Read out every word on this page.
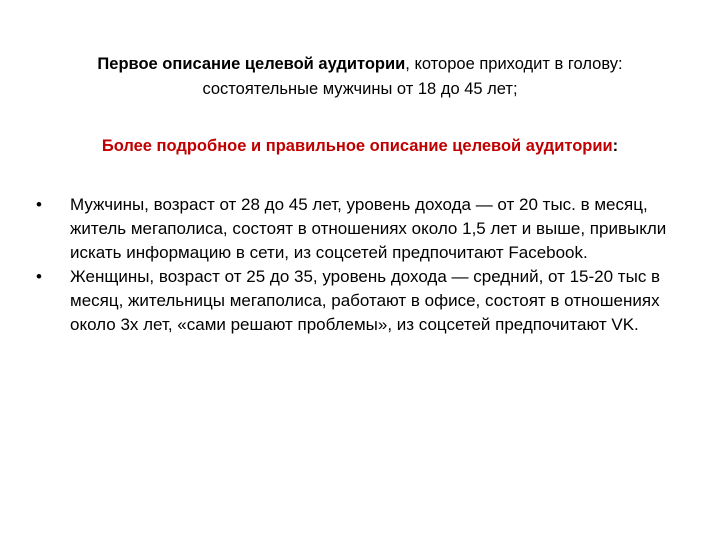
Первое описание целевой аудитории, которое приходит в голову: состоятельные мужчины от 18 до 45 лет;

Более подробное и правильное описание целевой аудитории:

•	Мужчины, возраст от 28 до 45 лет, уровень дохода — от 20 тыс. в месяц, житель мегаполиса, состоят в отношениях около 1,5 лет и выше, привыкли искать информацию в сети, из соцсетей предпочитают Facebook.
•	Женщины, возраст от 25 до 35, уровень дохода — средний, от 15-20 тыс в месяц, жительницы мегаполиса, работают в офисе, состоят в отношениях около 3х лет, «сами решают проблемы», из соцсетей предпочитают VK.
